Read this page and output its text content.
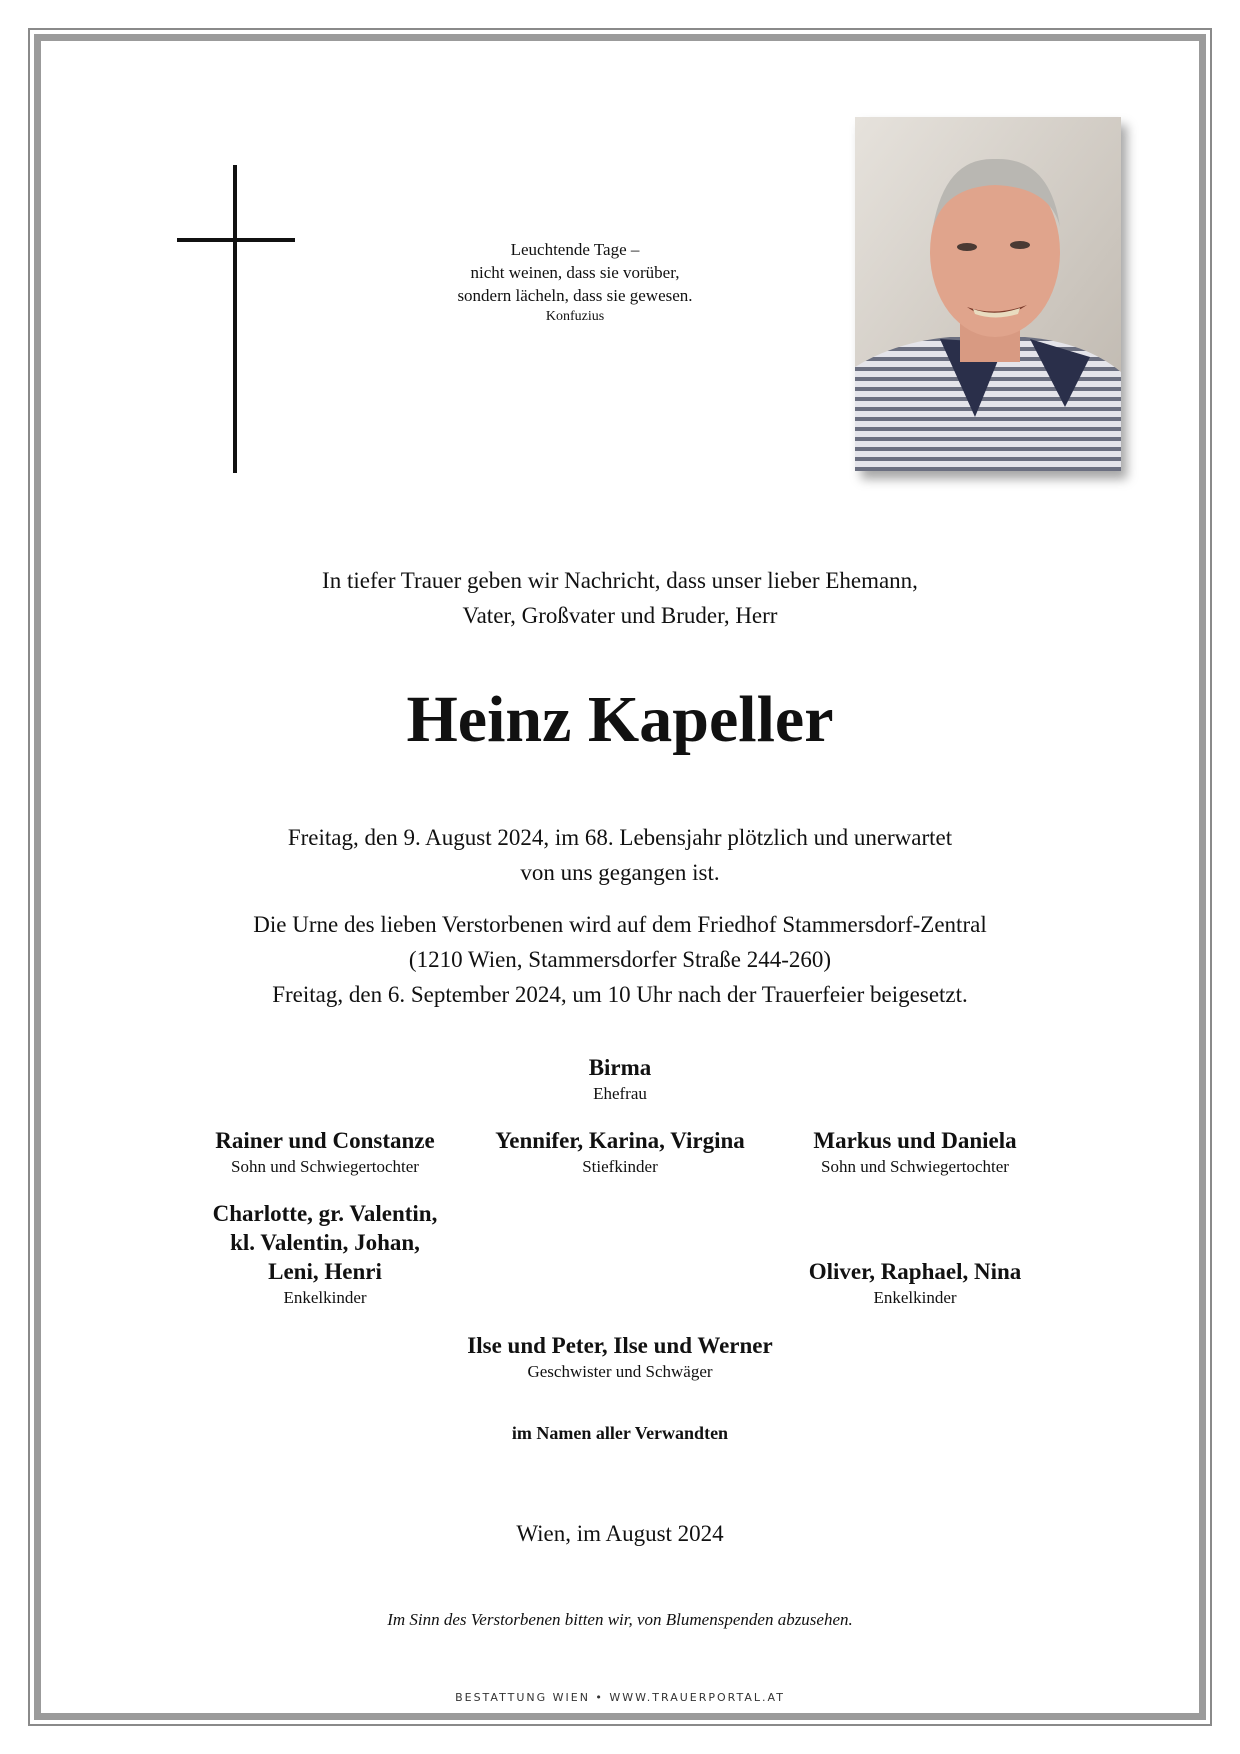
Leuchtende Tage –
nicht weinen, dass sie vorüber,
sondern lächeln, dass sie gewesen.
Konfuzius
In tiefer Trauer geben wir Nachricht, dass unser lieber Ehemann,
Vater, Großvater und Bruder, Herr
Heinz Kapeller
Freitag, den 9. August 2024, im 68. Lebensjahr plötzlich und unerwartet
von uns gegangen ist.
Die Urne des lieben Verstorbenen wird auf dem Friedhof Stammersdorf-Zentral
(1210 Wien, Stammersdorfer Straße 244-260)
Freitag, den 6. September 2024, um 10 Uhr nach der Trauerfeier beigesetzt.
Birma
Ehefrau
Rainer und Constanze
Sohn und Schwiegertochter
Yennifer, Karina, Virgina
Stiefkinder
Markus und Daniela
Sohn und Schwiegertochter
Charlotte, gr. Valentin,
kl. Valentin, Johan,
Leni, Henri
Enkelkinder
Oliver, Raphael, Nina
Enkelkinder
Ilse und Peter, Ilse und Werner
Geschwister und Schwäger
im Namen aller Verwandten
Wien, im August 2024
Im Sinn des Verstorbenen bitten wir, von Blumenspenden abzusehen.
BESTATTUNG WIEN • WWW.TRAUERPORTAL.AT
